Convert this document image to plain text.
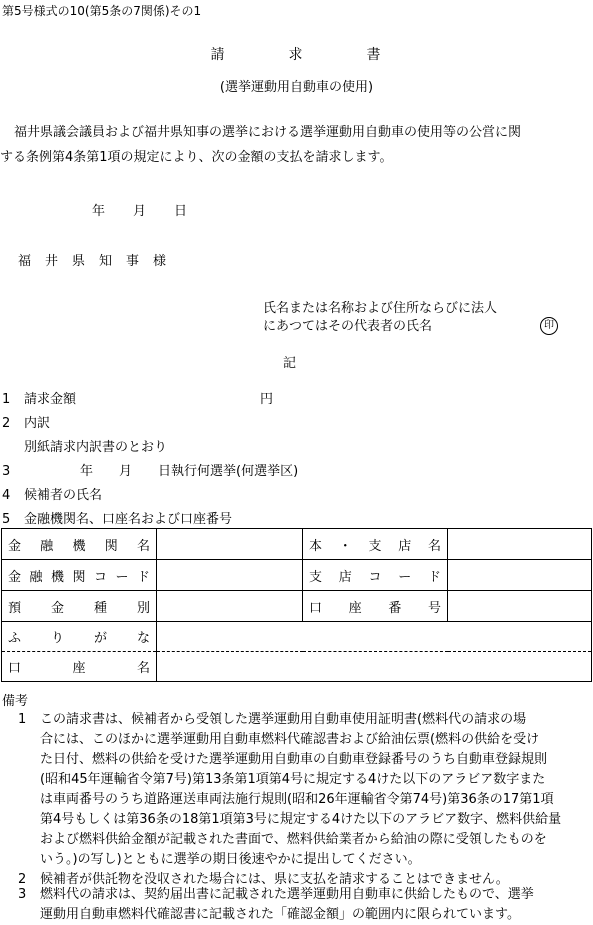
第5号様式の10(第5条の7関係)その1
請	求	書
(選挙運動用自動車の使用)

福井県議会議員および福井県知事の選挙における選挙運動用自動車の使用等の公営に関

する条例第4条第1項の規定により、次の金額の支払を請求します。

年 月 日
福井県知事様
氏名または名称および住所ならびに法人
にあつてはその代表者の氏名	印
記
1 請求金額	円
2 内訳
別紙請求内訳書のとおり
3	年　　月　　日執行何選挙(何選挙区)
4 候補者の氏名
5 金融機関名、口座名および口座番号
金融機関名		本・支店名	
金融機関コード		支店コード	
預金種別		口座番号	
ふりがな			
口座名			
備考
1 この請求書は、候補者から受領した選挙運動用自動車使用証明書(燃料代の請求の場
合には、このほかに選挙運動用自動車燃料代確認書および給油伝票(燃料の供給を受け
た日付、燃料の供給を受けた選挙運動用自動車の自動車登録番号のうち自動車登録規則
(昭和45年運輸省令第7号)第13条第1項第4号に規定する4けた以下のアラビア数字また
は車両番号のうち道路運送車両法施行規則(昭和26年運輸省令第74号)第36条の17第1項
第4号もしくは第36条の18第1項第3号に規定する4けた以下のアラビア数字、燃料供給量
および燃料供給金額が記載された書面で、燃料供給業者から給油の際に受領したものを
いう。)の写し)とともに選挙の期日後速やかに提出してください。
2 候補者が供託物を没収された場合には、県に支払を請求することはできません。
3 燃料代の請求は、契約届出書に記載された選挙運動用自動車に供給したもので、選挙
運動用自動車燃料代確認書に記載された「確認金額」の範囲内に限られています。
